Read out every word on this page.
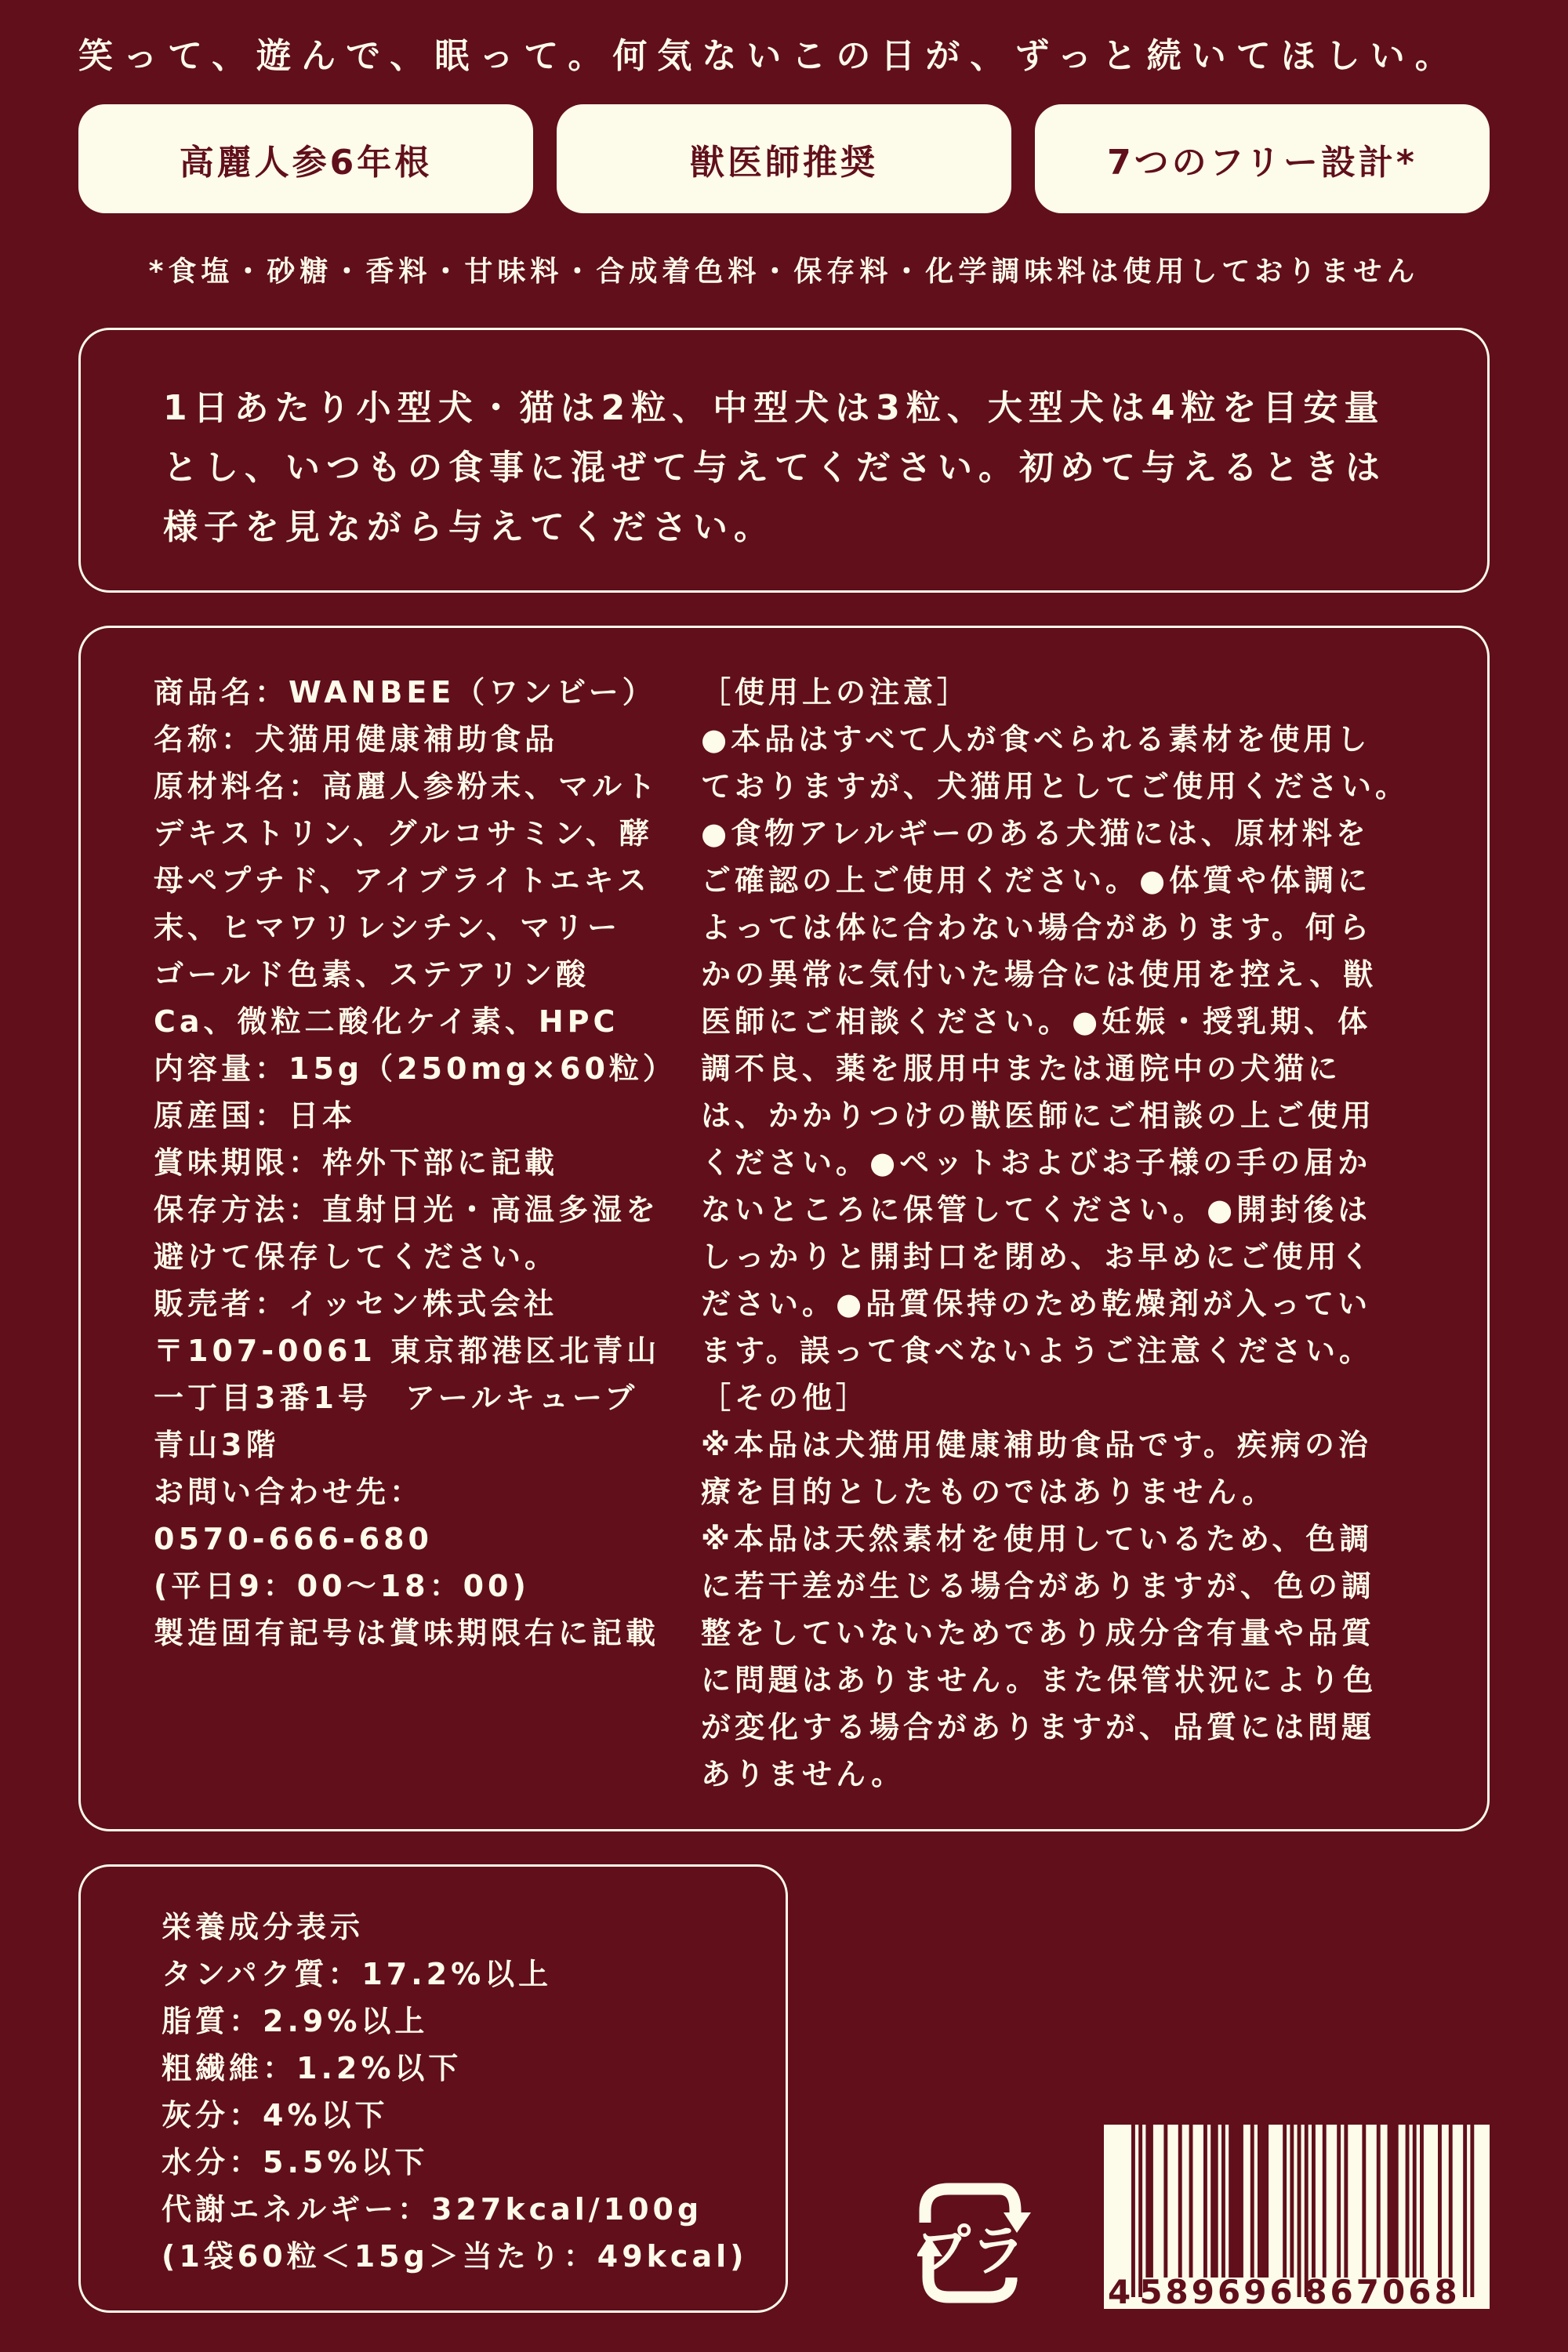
笑って、遊んで、眠って。何気ないこの日が、ずっと続いてほしい。
高麗人参6年根	獣医師推奨	7つのフリー設計*
*食塩・砂糖・香料・甘味料・合成着色料・保存料・化学調味料は使用しておりません
1日あたり小型犬・猫は2粒、中型犬は3粒、大型犬は4粒を目安量
とし、いつもの食事に混ぜて与えてください。初めて与えるときは
様子を見ながら与えてください。
商品名：WANBEE（ワンビー）
名称：犬猫用健康補助食品
原材料名：高麗人参粉末、マルト
デキストリン、グルコサミン、酵
母ペプチド、アイブライトエキス
末、ヒマワリレシチン、マリー
ゴールド色素、ステアリン酸
Ca、微粒二酸化ケイ素、HPC
内容量：15g（250mg×60粒）
原産国：日本
賞味期限：枠外下部に記載
保存方法：直射日光・高温多湿を
避けて保存してください。
販売者：イッセン株式会社
〒107-0061 東京都港区北青山
一丁目3番1号　アールキューブ
青山3階
お問い合わせ先：
0570-666-680
(平日9：00〜18：00)
製造固有記号は賞味期限右に記載
［使用上の注意］
●本品はすべて人が食べられる素材を使用し
ておりますが、犬猫用としてご使用ください。
●食物アレルギーのある犬猫には、原材料を
ご確認の上ご使用ください。●体質や体調に
よっては体に合わない場合があります。何ら
かの異常に気付いた場合には使用を控え、獣
医師にご相談ください。●妊娠・授乳期、体
調不良、薬を服用中または通院中の犬猫に
は、かかりつけの獣医師にご相談の上ご使用
ください。●ペットおよびお子様の手の届か
ないところに保管してください。●開封後は
しっかりと開封口を閉め、お早めにご使用く
ださい。●品質保持のため乾燥剤が入ってい
ます。誤って食べないようご注意ください。
［その他］
※本品は犬猫用健康補助食品です。疾病の治
療を目的としたものではありません。
※本品は天然素材を使用しているため、色調
に若干差が生じる場合がありますが、色の調
整をしていないためであり成分含有量や品質
に問題はありません。また保管状況により色
が変化する場合がありますが、品質には問題
ありません。
栄養成分表示
タンパク質：17.2%以上
脂質：2.9%以上
粗繊維：1.2%以下
灰分：4%以下
水分：5.5%以下
代謝エネルギー：327kcal/100g
(1袋60粒＜15g＞当たり：49kcal)	プラ
4 589696 867068
